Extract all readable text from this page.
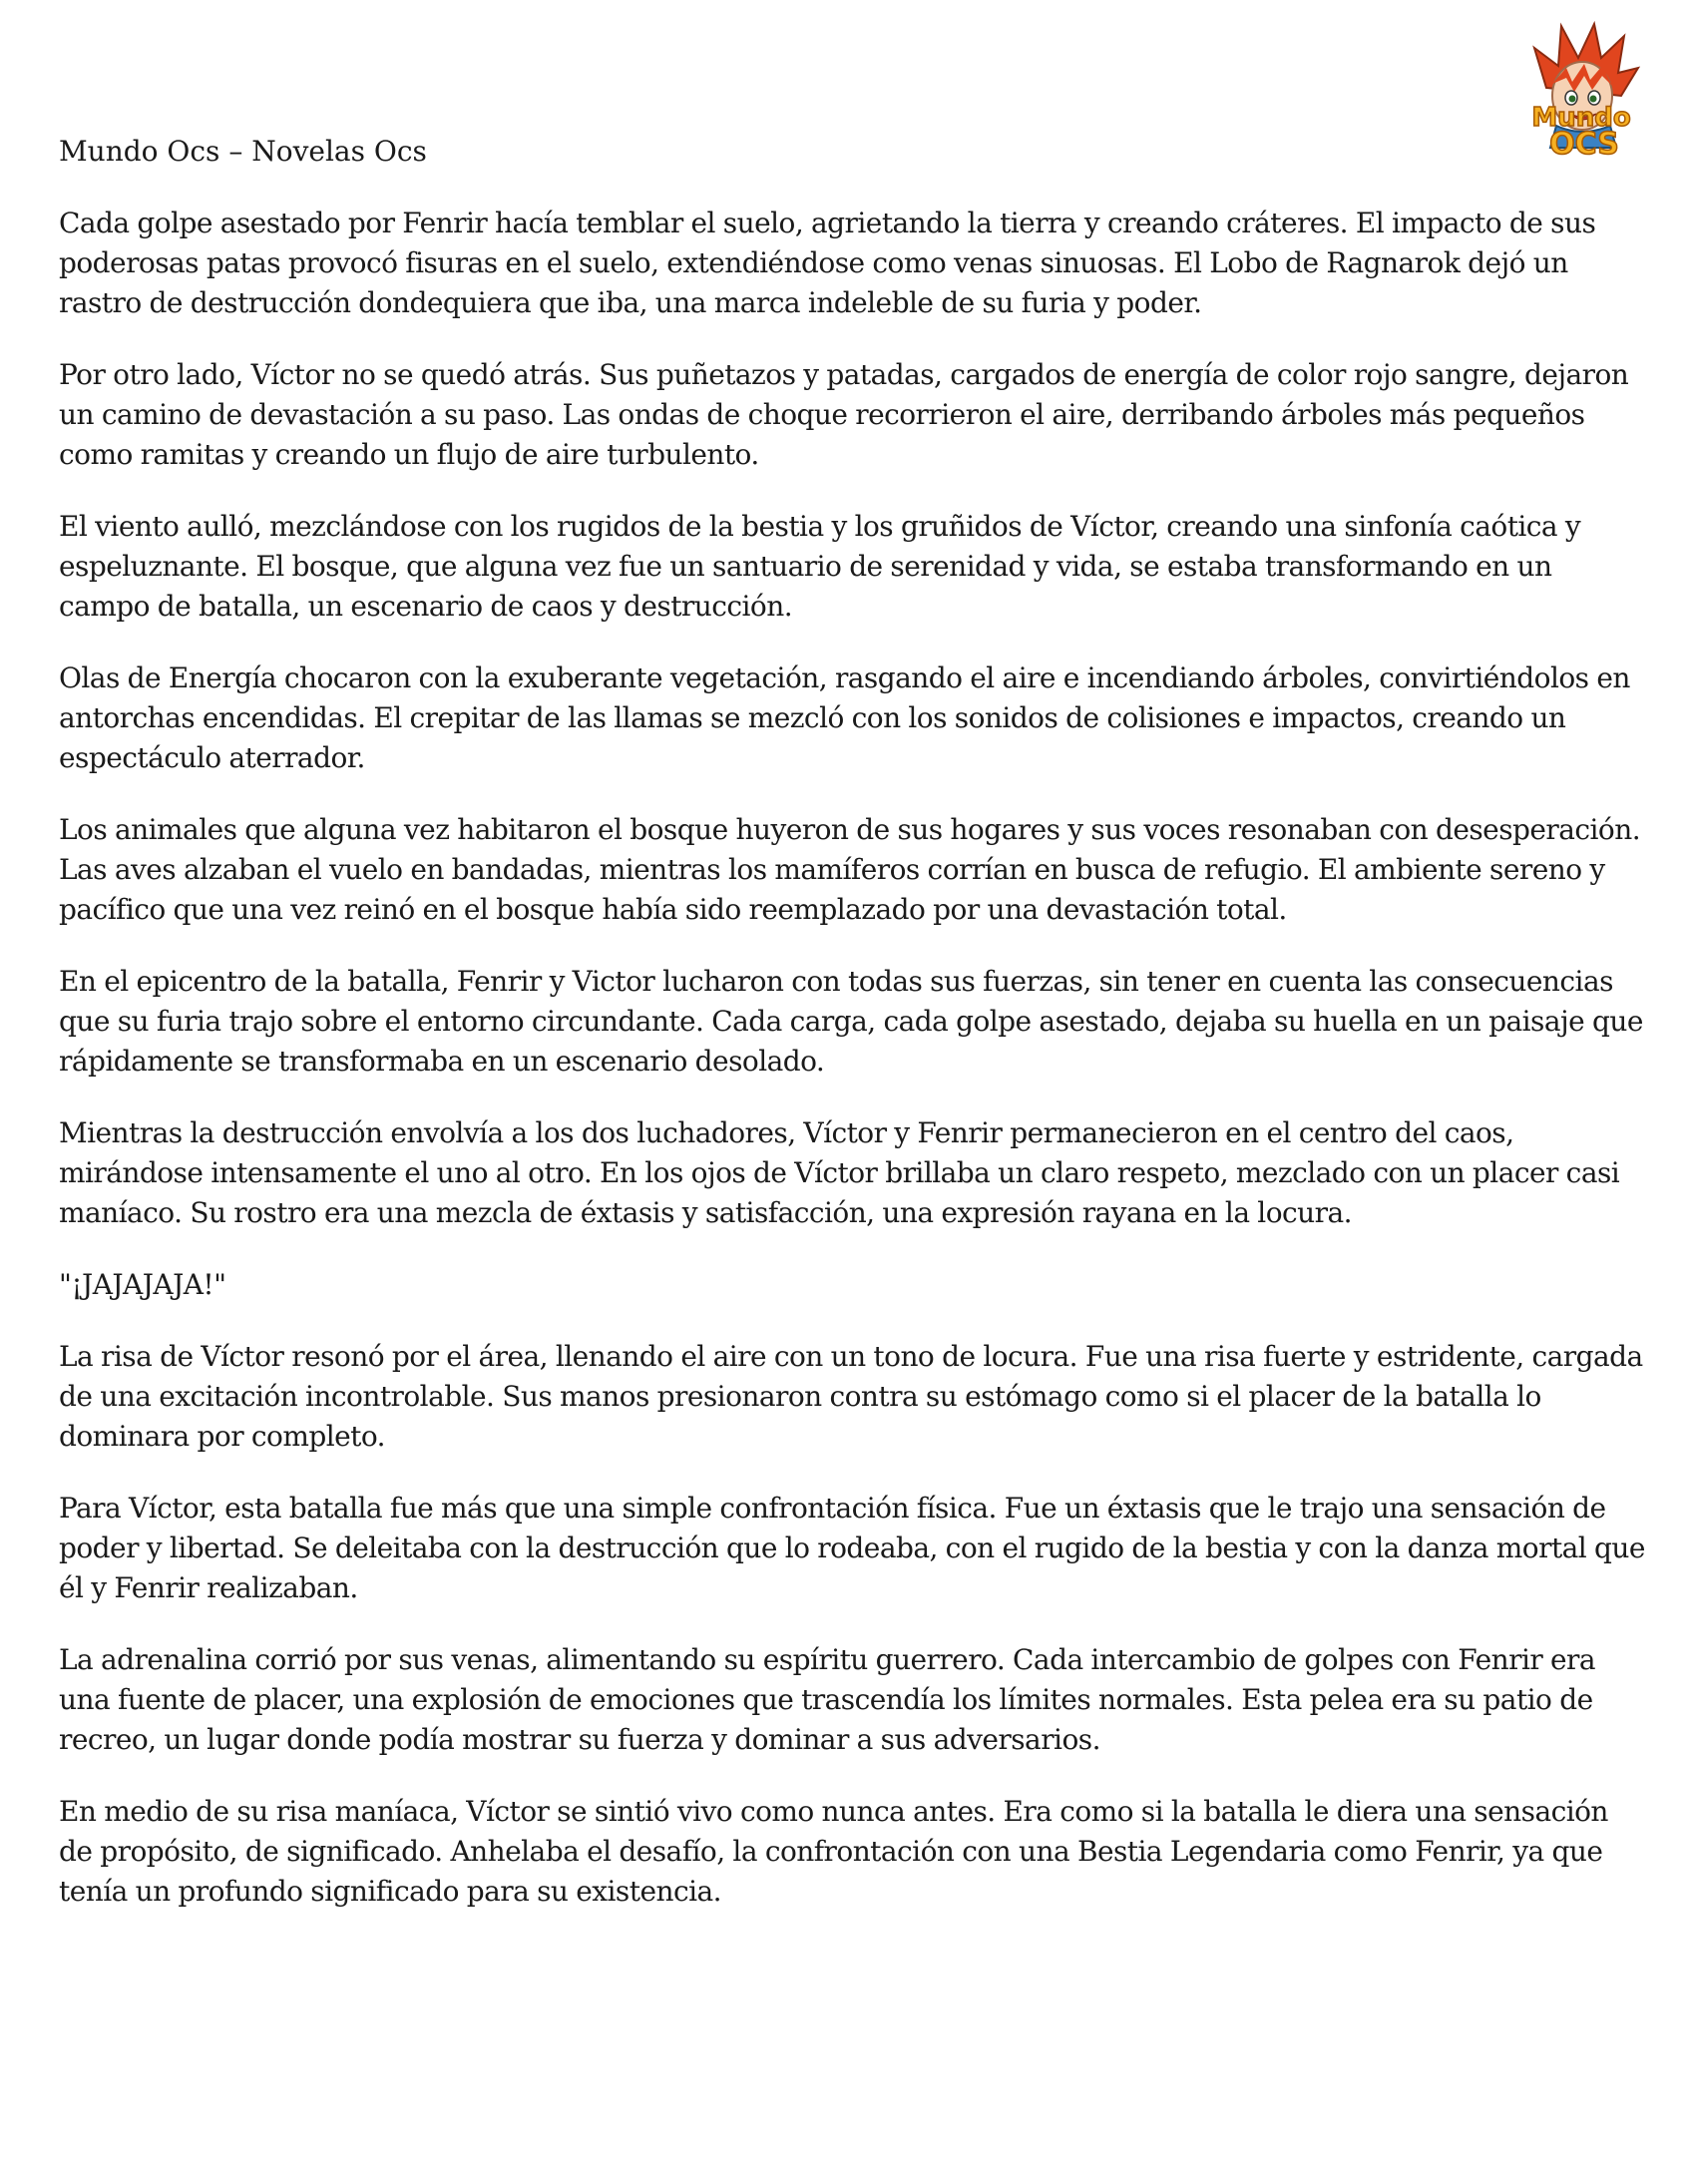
Mundo
OCS

Mundo Ocs – Novelas Ocs

Cada golpe asestado por Fenrir hacía temblar el suelo, agrietando la tierra y creando cráteres. El impacto de sus poderosas patas provocó fisuras en el suelo, extendiéndose como venas sinuosas. El Lobo de Ragnarok dejó un rastro de destrucción dondequiera que iba, una marca indeleble de su furia y poder.

Por otro lado, Víctor no se quedó atrás. Sus puñetazos y patadas, cargados de energía de color rojo sangre, dejaron un camino de devastación a su paso. Las ondas de choque recorrieron el aire, derribando árboles más pequeños como ramitas y creando un flujo de aire turbulento.

El viento aulló, mezclándose con los rugidos de la bestia y los gruñidos de Víctor, creando una sinfonía caótica y espeluznante. El bosque, que alguna vez fue un santuario de serenidad y vida, se estaba transformando en un campo de batalla, un escenario de caos y destrucción.

Olas de Energía chocaron con la exuberante vegetación, rasgando el aire e incendiando árboles, convirtiéndolos en antorchas encendidas. El crepitar de las llamas se mezcló con los sonidos de colisiones e impactos, creando un espectáculo aterrador.

Los animales que alguna vez habitaron el bosque huyeron de sus hogares y sus voces resonaban con desesperación. Las aves alzaban el vuelo en bandadas, mientras los mamíferos corrían en busca de refugio. El ambiente sereno y pacífico que una vez reinó en el bosque había sido reemplazado por una devastación total.

En el epicentro de la batalla, Fenrir y Victor lucharon con todas sus fuerzas, sin tener en cuenta las consecuencias que su furia trajo sobre el entorno circundante. Cada carga, cada golpe asestado, dejaba su huella en un paisaje que rápidamente se transformaba en un escenario desolado.

Mientras la destrucción envolvía a los dos luchadores, Víctor y Fenrir permanecieron en el centro del caos, mirándose intensamente el uno al otro. En los ojos de Víctor brillaba un claro respeto, mezclado con un placer casi maníaco. Su rostro era una mezcla de éxtasis y satisfacción, una expresión rayana en la locura.

"¡JAJAJAJA!"

La risa de Víctor resonó por el área, llenando el aire con un tono de locura. Fue una risa fuerte y estridente, cargada de una excitación incontrolable. Sus manos presionaron contra su estómago como si el placer de la batalla lo dominara por completo.

Para Víctor, esta batalla fue más que una simple confrontación física. Fue un éxtasis que le trajo una sensación de poder y libertad. Se deleitaba con la destrucción que lo rodeaba, con el rugido de la bestia y con la danza mortal que él y Fenrir realizaban.

La adrenalina corrió por sus venas, alimentando su espíritu guerrero. Cada intercambio de golpes con Fenrir era una fuente de placer, una explosión de emociones que trascendía los límites normales. Esta pelea era su patio de recreo, un lugar donde podía mostrar su fuerza y dominar a sus adversarios.

En medio de su risa maníaca, Víctor se sintió vivo como nunca antes. Era como si la batalla le diera una sensación de propósito, de significado. Anhelaba el desafío, la confrontación con una Bestia Legendaria como Fenrir, ya que tenía un profundo significado para su existencia.
